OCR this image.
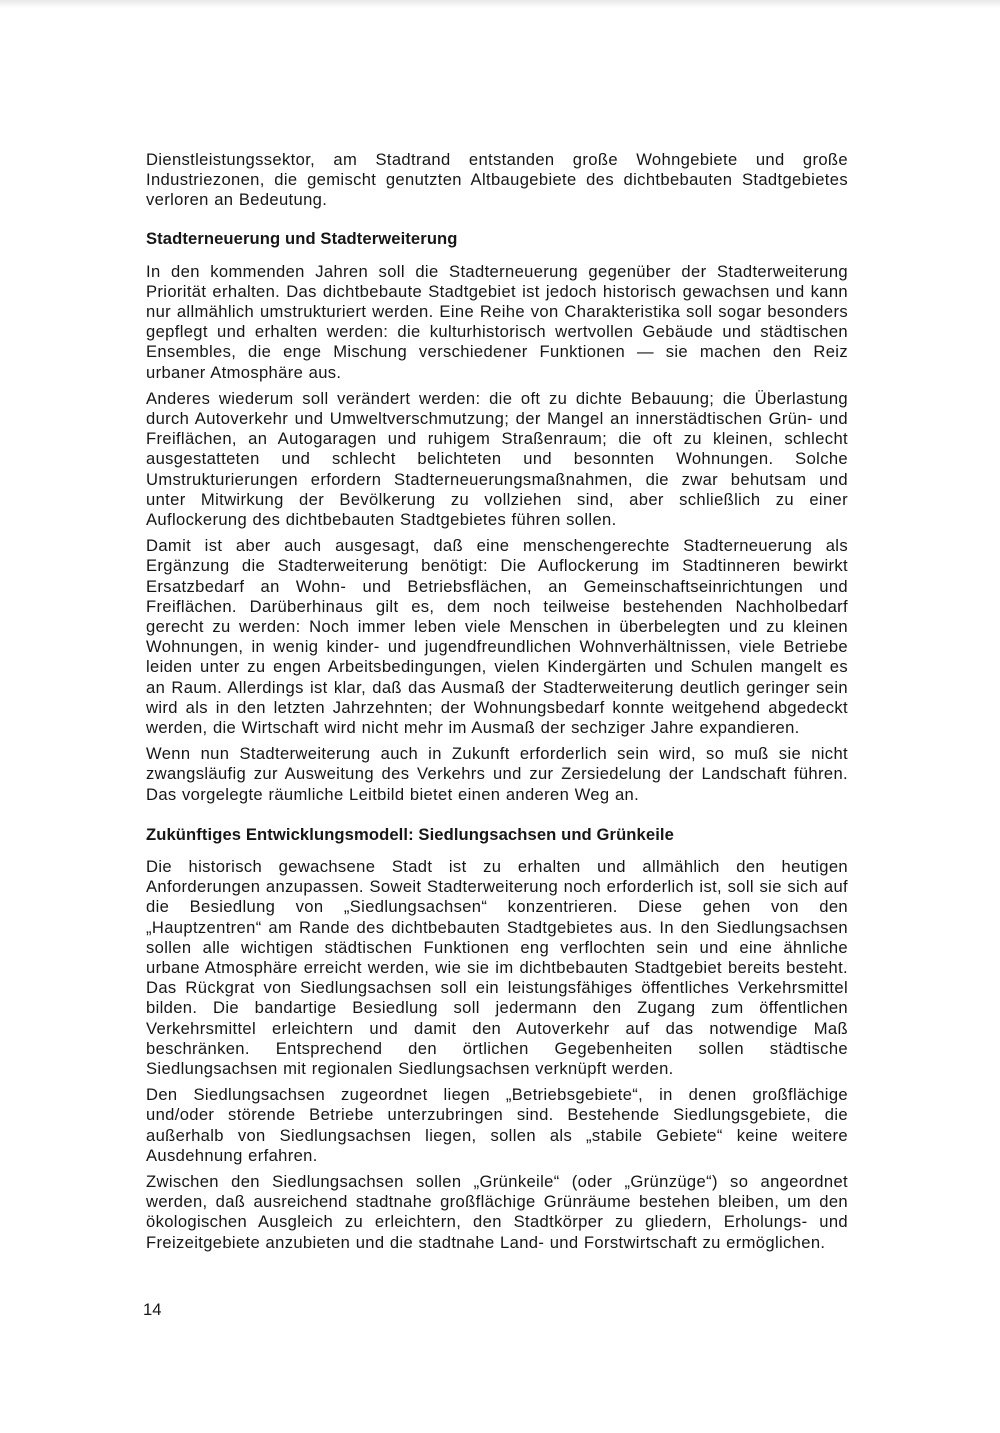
Dienstleistungssektor, am Stadtrand entstanden große Wohngebiete und große Industriezonen, die gemischt genutzten Altbaugebiete des dichtbebauten Stadtgebietes verloren an Bedeutung.

Stadterneuerung und Stadterweiterung

In den kommenden Jahren soll die Stadterneuerung gegenüber der Stadterweiterung Priorität erhalten. Das dichtbebaute Stadtgebiet ist jedoch historisch gewachsen und kann nur allmählich umstrukturiert werden. Eine Reihe von Charakteristika soll sogar besonders gepflegt und erhalten werden: die kulturhistorisch wertvollen Gebäude und städtischen Ensembles, die enge Mischung verschiedener Funktionen — sie machen den Reiz urbaner Atmosphäre aus.

Anderes wiederum soll verändert werden: die oft zu dichte Bebauung; die Überlastung durch Autoverkehr und Umweltverschmutzung; der Mangel an innerstädtischen Grün- und Freiflächen, an Autogaragen und ruhigem Straßenraum; die oft zu kleinen, schlecht ausgestatteten und schlecht belichteten und besonnten Wohnungen. Solche Umstrukturierungen erfordern Stadterneuerungsmaßnahmen, die zwar behutsam und unter Mitwirkung der Bevölkerung zu vollziehen sind, aber schließlich zu einer Auflockerung des dichtbebauten Stadtgebietes führen sollen.

Damit ist aber auch ausgesagt, daß eine menschengerechte Stadterneuerung als Ergänzung die Stadterweiterung benötigt: Die Auflockerung im Stadtinneren bewirkt Ersatzbedarf an Wohn- und Betriebsflächen, an Gemeinschaftseinrichtungen und Freiflächen. Darüberhinaus gilt es, dem noch teilweise bestehenden Nachholbedarf gerecht zu werden: Noch immer leben viele Menschen in überbelegten und zu kleinen Wohnungen, in wenig kinder- und jugendfreundlichen Wohnverhältnissen, viele Betriebe leiden unter zu engen Arbeitsbedingungen, vielen Kindergärten und Schulen mangelt es an Raum. Allerdings ist klar, daß das Ausmaß der Stadterweiterung deutlich geringer sein wird als in den letzten Jahrzehnten; der Wohnungsbedarf konnte weitgehend abgedeckt werden, die Wirtschaft wird nicht mehr im Ausmaß der sechziger Jahre expandieren.

Wenn nun Stadterweiterung auch in Zukunft erforderlich sein wird, so muß sie nicht zwangsläufig zur Ausweitung des Verkehrs und zur Zersiedelung der Landschaft führen. Das vorgelegte räumliche Leitbild bietet einen anderen Weg an.

Zukünftiges Entwicklungsmodell: Siedlungsachsen und Grünkeile

Die historisch gewachsene Stadt ist zu erhalten und allmählich den heutigen Anforderungen anzupassen. Soweit Stadterweiterung noch erforderlich ist, soll sie sich auf die Besiedlung von „Siedlungsachsen“ konzentrieren. Diese gehen von den „Hauptzentren“ am Rande des dichtbebauten Stadtgebietes aus. In den Siedlungsachsen sollen alle wichtigen städtischen Funktionen eng verflochten sein und eine ähnliche urbane Atmosphäre erreicht werden, wie sie im dichtbebauten Stadtgebiet bereits besteht. Das Rückgrat von Siedlungsachsen soll ein leistungsfähiges öffentliches Verkehrsmittel bilden. Die bandartige Besiedlung soll jedermann den Zugang zum öffentlichen Verkehrsmittel erleichtern und damit den Autoverkehr auf das notwendige Maß beschränken. Entsprechend den örtlichen Gegebenheiten sollen städtische Siedlungsachsen mit regionalen Siedlungsachsen verknüpft werden.

Den Siedlungsachsen zugeordnet liegen „Betriebsgebiete“, in denen großflächige und/oder störende Betriebe unterzubringen sind. Bestehende Siedlungsgebiete, die außerhalb von Siedlungsachsen liegen, sollen als „stabile Gebiete“ keine weitere Ausdehnung erfahren.

Zwischen den Siedlungsachsen sollen „Grünkeile“ (oder „Grünzüge“) so angeordnet werden, daß ausreichend stadtnahe großflächige Grünräume bestehen bleiben, um den ökologischen Ausgleich zu erleichtern, den Stadtkörper zu gliedern, Erholungs- und Freizeitgebiete anzubieten und die stadtnahe Land- und Forstwirtschaft zu ermöglichen.

14
